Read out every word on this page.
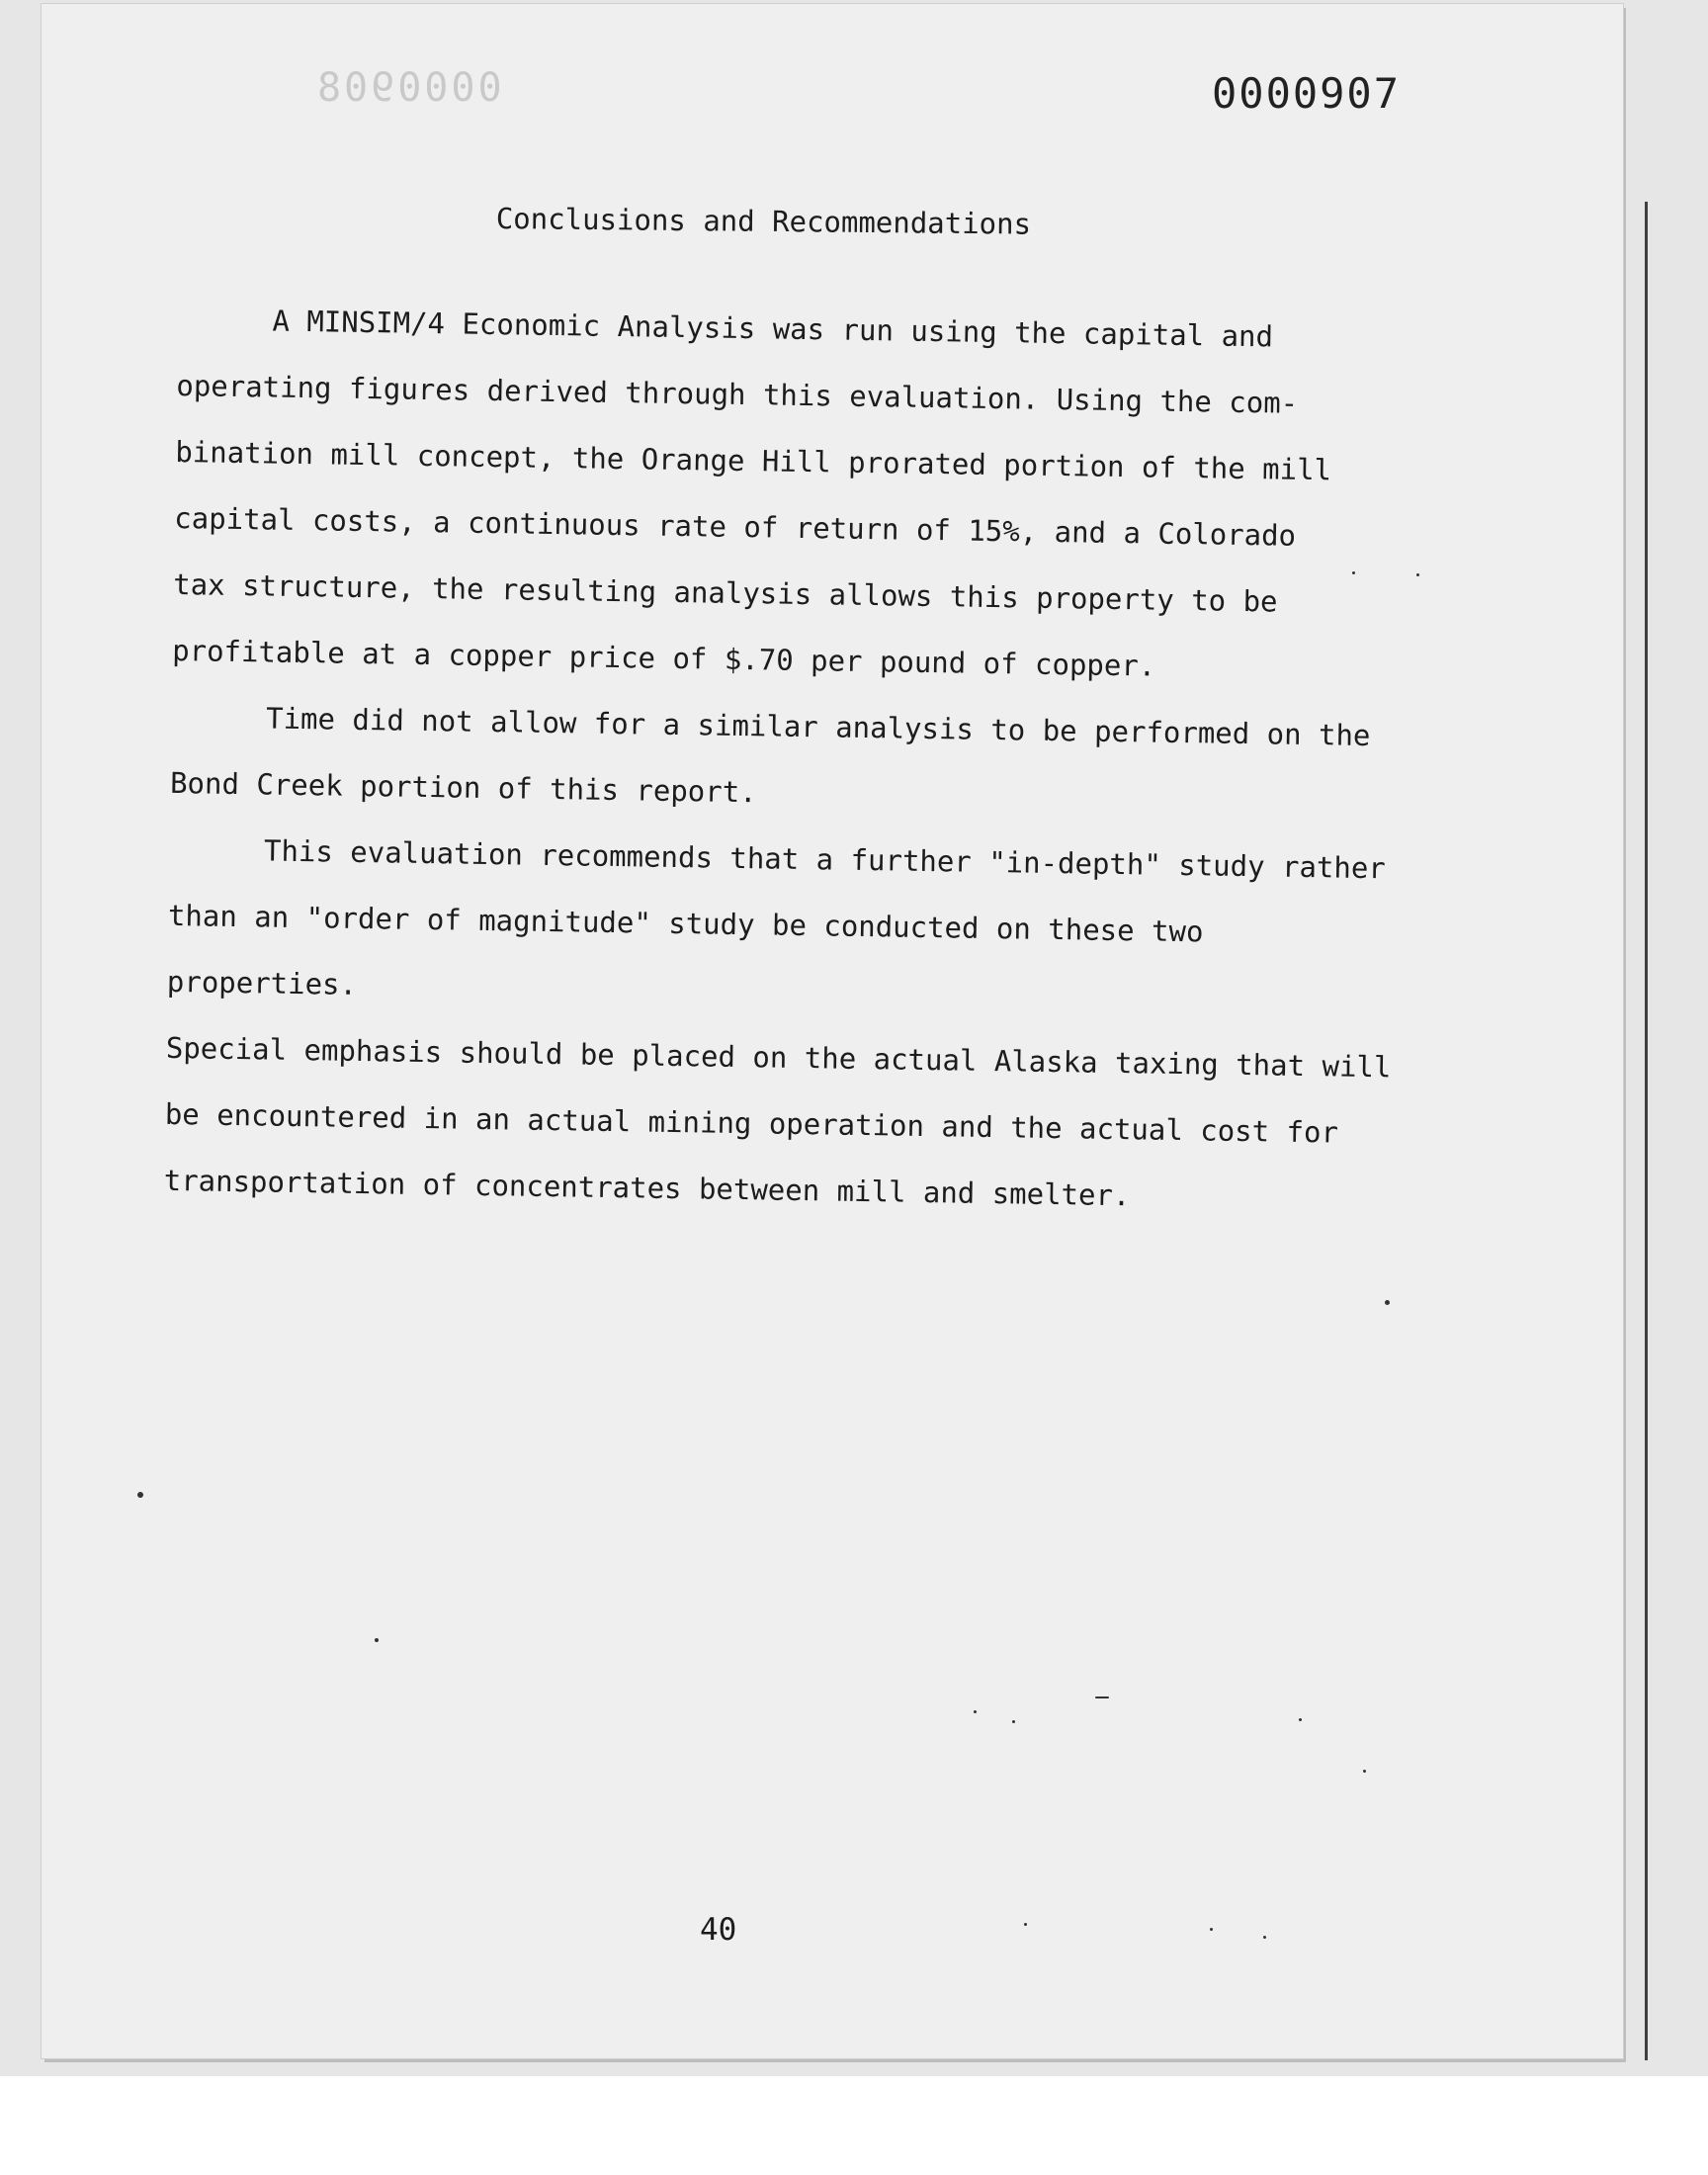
0000908	0000907
Conclusions and Recommendations

A MINSIM/4 Economic Analysis was run using the capital and
operating figures derived through this evaluation. Using the com-
bination mill concept, the Orange Hill prorated portion of the mill
capital costs, a continuous rate of return of 15%, and a Colorado
tax structure, the resulting analysis allows this property to be
profitable at a copper price of $.70 per pound of copper.

Time did not allow for a similar analysis to be performed on the
Bond Creek portion of this report.

This evaluation recommends that a further "in-depth" study rather
than an "order of magnitude" study be conducted on these two properties.
Special emphasis should be placed on the actual Alaska taxing that will
be encountered in an actual mining operation and the actual cost for
transportation of concentrates between mill and smelter.

40
